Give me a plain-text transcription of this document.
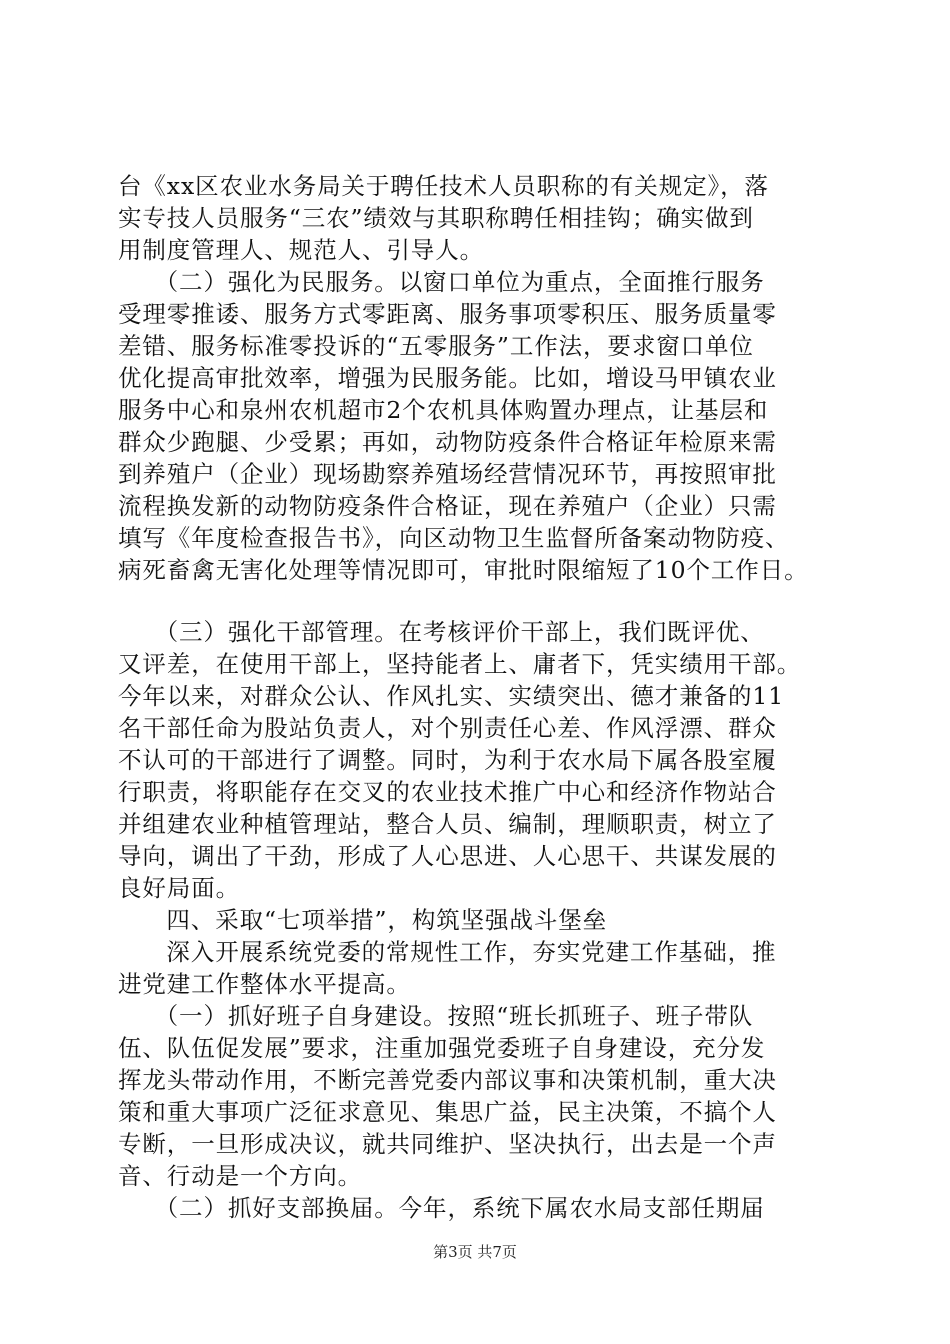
台《xx区农业水务局关于聘任技术人员职称的有关规定》，落
实专技人员服务“三农”绩效与其职称聘任相挂钩；确实做到
用制度管理人、规范人、引导人。
　（二）强化为民服务。以窗口单位为重点，全面推行服务
受理零推诿、服务方式零距离、服务事项零积压、服务质量零
差错、服务标准零投诉的“五零服务”工作法，要求窗口单位
优化提高审批效率，增强为民服务能。比如，增设马甲镇农业
服务中心和泉州农机超市2个农机具体购置办理点，让基层和
群众少跑腿、少受累；再如，动物防疫条件合格证年检原来需
到养殖户（企业）现场勘察养殖场经营情况环节，再按照审批
流程换发新的动物防疫条件合格证，现在养殖户（企业）只需
填写《年度检查报告书》，向区动物卫生监督所备案动物防疫、
病死畜禽无害化处理等情况即可，审批时限缩短了10个工作日。
　（三）强化干部管理。在考核评价干部上，我们既评优、
又评差，在使用干部上，坚持能者上、庸者下，凭实绩用干部。
今年以来，对群众公认、作风扎实、实绩突出、德才兼备的11
名干部任命为股站负责人，对个别责任心差、作风浮漂、群众
不认可的干部进行了调整。同时，为利于农水局下属各股室履
行职责，将职能存在交叉的农业技术推广中心和经济作物站合
并组建农业种植管理站，整合人员、编制，理顺职责，树立了
导向，调出了干劲，形成了人心思进、人心思干、共谋发展的
良好局面。
　四、采取“七项举措”，构筑坚强战斗堡垒
　深入开展系统党委的常规性工作，夯实党建工作基础，推
进党建工作整体水平提高。
　（一）抓好班子自身建设。按照“班长抓班子、班子带队
伍、队伍促发展”要求，注重加强党委班子自身建设，充分发
挥龙头带动作用，不断完善党委内部议事和决策机制，重大决
策和重大事项广泛征求意见、集思广益，民主决策，不搞个人
专断，一旦形成决议，就共同维护、坚决执行，出去是一个声
音、行动是一个方向。
　（二）抓好支部换届。今年，系统下属农水局支部任期届
第3页 共7页
